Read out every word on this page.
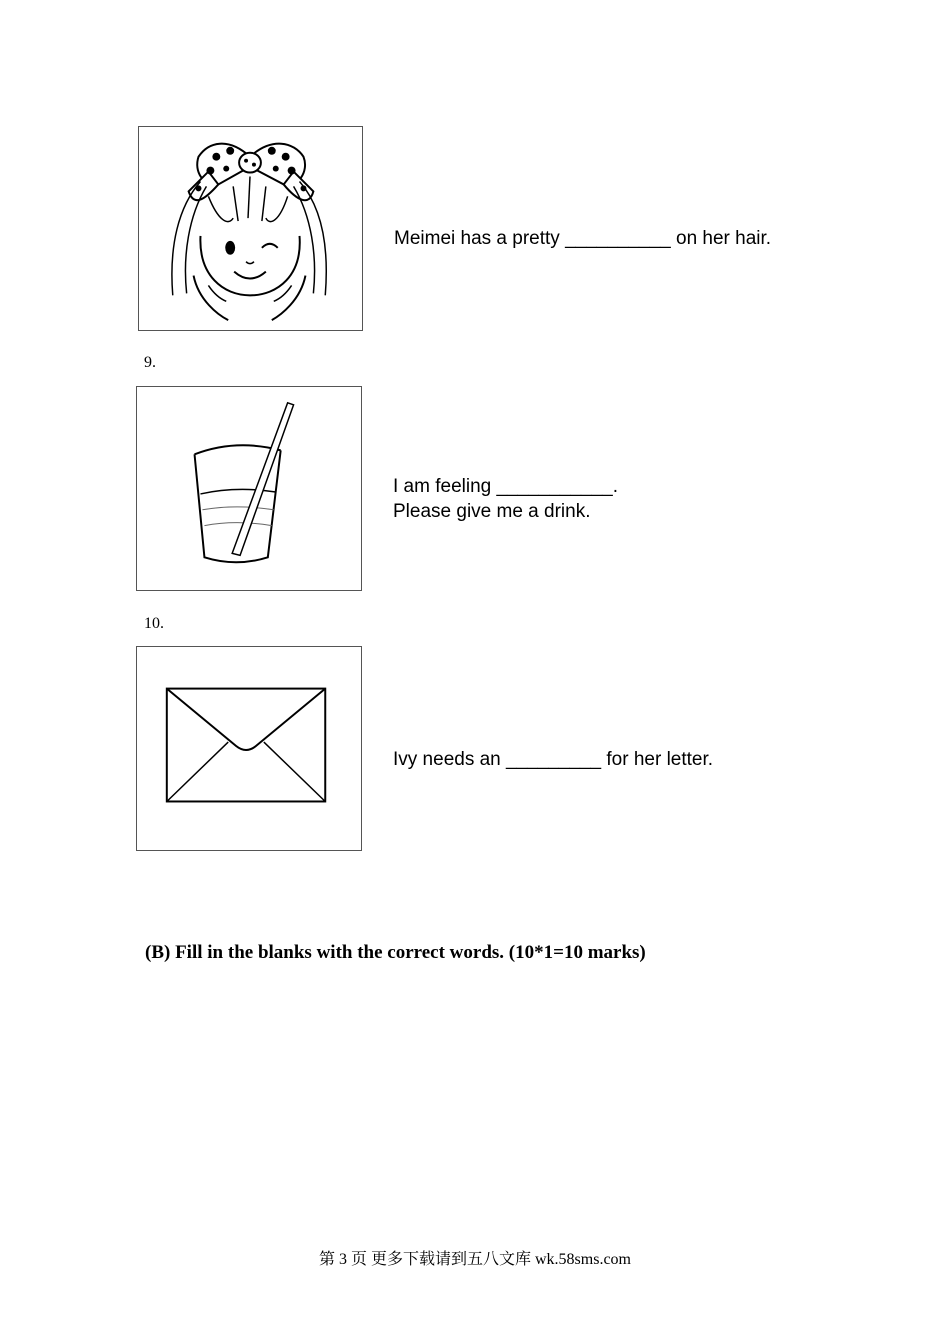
Meimei has a pretty __________ on her hair.
9.
I am feeling ___________.
Please give me a drink.
10.
Ivy needs an _________ for her letter.
(B) Fill in the blanks with the correct words. (10*1=10 marks)
第 3 页 更多下载请到五八文库 wk.58sms.com
